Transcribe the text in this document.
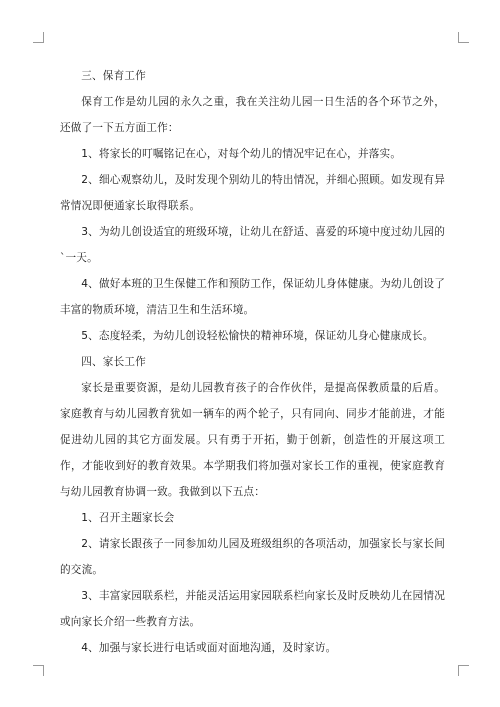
三、保育工作

保育工作是幼儿园的永久之重，我在关注幼儿园一日生活的各个环节之外，还做了一下五方面工作：

1、将家长的叮嘱铭记在心，对每个幼儿的情况牢记在心，并落实。

2、细心观察幼儿，及时发现个别幼儿的特出情况，并细心照顾。如发现有异常情况即便通家长取得联系。

3、为幼儿创设适宜的班级环境，让幼儿在舒适、喜爱的环境中度过幼儿园的`一天。

4、做好本班的卫生保健工作和预防工作，保证幼儿身体健康。为幼儿创设了丰富的物质环境，清洁卫生和生活环境。

5、态度轻柔，为幼儿创设轻松愉快的精神环境，保证幼儿身心健康成长。

四、家长工作

家长是重要资源，是幼儿园教育孩子的合作伙伴，是提高保教质量的后盾。家庭教育与幼儿园教育犹如一辆车的两个轮子，只有同向、同步才能前进，才能促进幼儿园的其它方面发展。只有勇于开拓，勤于创新，创造性的开展这项工作，才能收到好的教育效果。本学期我们将加强对家长工作的重视，使家庭教育与幼儿园教育协调一致。我做到以下五点：

1、召开主题家长会

2、请家长跟孩子一同参加幼儿园及班级组织的各项活动，加强家长与家长间的交流。

3、丰富家园联系栏，并能灵活运用家园联系栏向家长及时反映幼儿在园情况或向家长介绍一些教育方法。

4、加强与家长进行电话或面对面地沟通，及时家访。
